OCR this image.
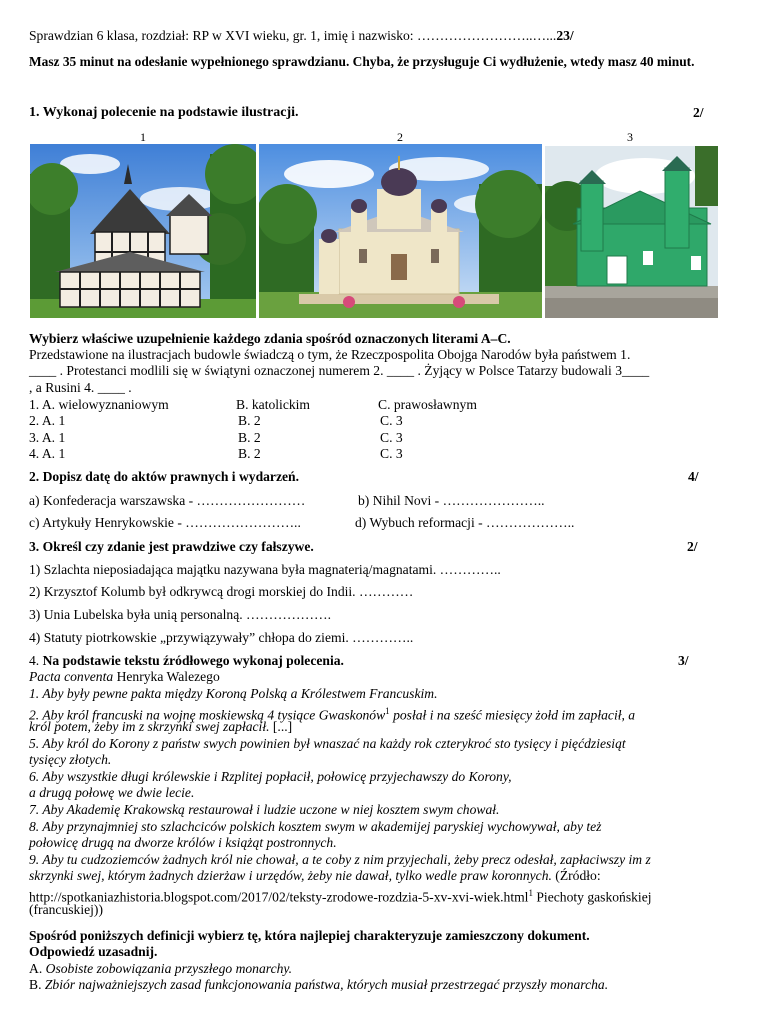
Sprawdzian 6 klasa, rozdział: RP w XVI wieku, gr. 1, imię i nazwisko: ……………………..…...23/
Masz 35 minut na odesłanie wypełnionego sprawdzianu. Chyba, że przysługuje Ci wydłużenie, wtedy masz 40 minut.
1. Wykonaj polecenie na podstawie ilustracji.	2/
1	2	3
Wybierz właściwe uzupełnienie każdego zdania spośród oznaczonych literami A–C.
Przedstawione na ilustracjach budowle świadczą o tym, że Rzeczpospolita Obojga Narodów była państwem 1.
____ . Protestanci modlili się w świątyni oznaczonej numerem 2. ____ . Żyjący w Polsce Tatarzy budowali 3____
, a Rusini 4. ____ .
1. A. wielowyznaniowym	B. katolickim	C. prawosławnym
2. A. 1	B. 2	C. 3
3. A. 1	B. 2	C. 3
4. A. 1	B. 2	C. 3
2. Dopisz datę do aktów prawnych i wydarzeń.	4/
a) Konfederacja warszawska - ……………………	b) Nihil Novi - …………………..
c) Artykuły Henrykowskie - ……………………..	d) Wybuch reformacji - ………………..
3. Określ czy zdanie jest prawdziwe czy fałszywe.	2/
1) Szlachta nieposiadająca majątku nazywana była magnaterią/magnatami. …………..
2) Krzysztof Kolumb był odkrywcą drogi morskiej do Indii. …………
3) Unia Lubelska była unią personalną. ……………….
4) Statuty piotrkowskie „przywiązywały” chłopa do ziemi. …………..
4. Na podstawie tekstu źródłowego wykonaj polecenia.	3/
Pacta conventa Henryka Walezego
1. Aby były pewne pakta między Koroną Polską a Królestwem Francuskim.
2. Aby król francuski na wojnę moskiewską 4 tysiące Gwaskonów$^1$ posłał i na sześć miesięcy żołd im zapłacił, a
król potem, żeby im z skrzynki swej zapłacił. [...]
5. Aby król do Korony z państw swych powinien był wnaszać na każdy rok czterykroć sto tysięcy i pięćdziesiąt
tysięcy złotych.
6. Aby wszystkie długi królewskie i Rzplitej popłacił, połowicę przyjechawszy do Korony,
a drugą połowę we dwie lecie.
7. Aby Akademię Krakowską restaurował i ludzie uczone w niej kosztem swym chował.
8. Aby przynajmniej sto szlachciców polskich kosztem swym w akademijej paryskiej wychowywał, aby też
połowicę drugą na dworze królów i książąt postronnych.
9. Aby tu cudzoziemców żadnych król nie chował, a te coby z nim przyjechali, żeby precz odesłał, zapłaciwszy im z
skrzynki swej, którym żadnych dzierżaw i urzędów, żeby nie dawał, tylko wedle praw koronnych. (Źródło:
http://spotkaniazhistoria.blogspot.com/2017/02/teksty-zrodowe-rozdzia-5-xv-xvi-wiek.html$^1$ Piechoty gaskońskiej
(francuskiej))
Spośród poniższych definicji wybierz tę, która najlepiej charakteryzuje zamieszczony dokument.
Odpowiedź uzasadnij.
A. Osobiste zobowiązania przyszłego monarchy.
B. Zbiór najważniejszych zasad funkcjonowania państwa, których musiał przestrzegać przyszły monarcha.
